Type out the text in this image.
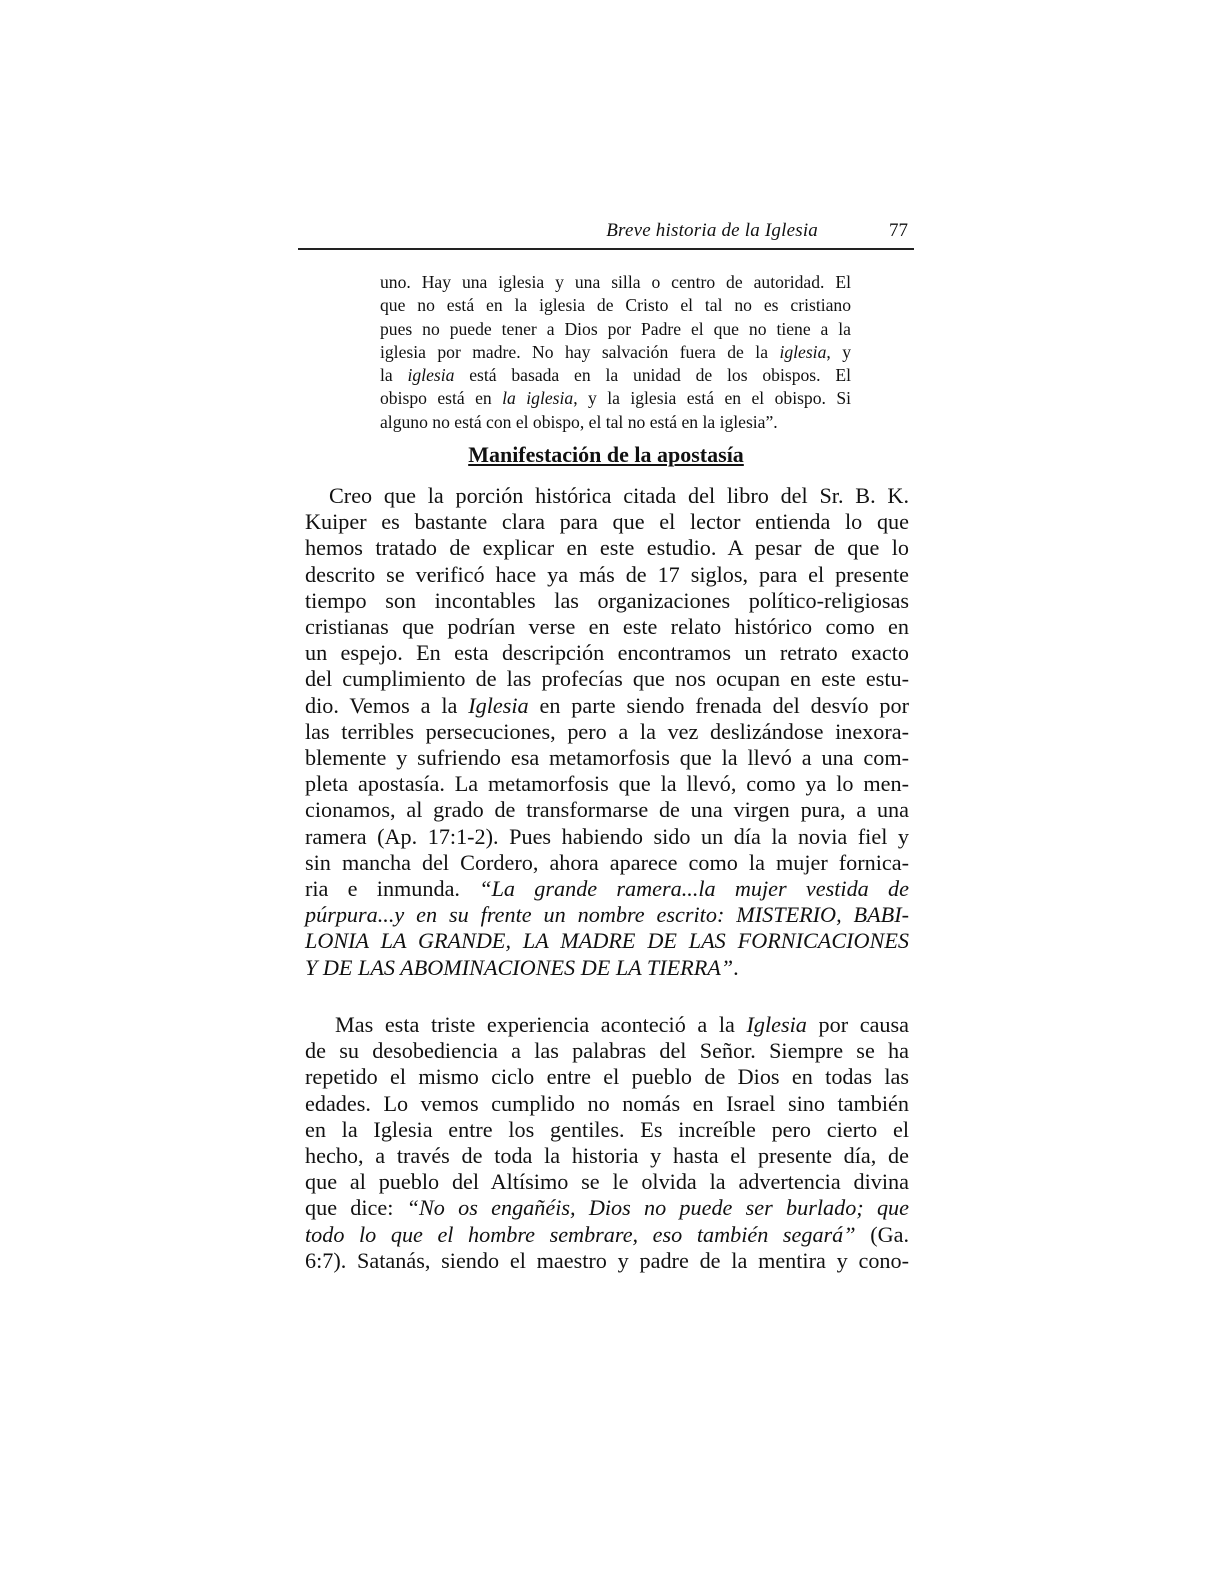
Breve historia de la Iglesia	77
uno. Hay una iglesia y una silla o centro de autoridad. El
que no está en la iglesia de Cristo el tal no es cristiano
pues no puede tener a Dios por Padre el que no tiene a la
iglesia por madre. No hay salvación fuera de la iglesia, y
la iglesia está basada en la unidad de los obispos. El
obispo está en la iglesia, y la iglesia está en el obispo. Si
alguno no está con el obispo, el tal no está en la iglesia”.
Manifestación de la apostasía
Creo que la porción histórica citada del libro del Sr. B. K.
Kuiper es bastante clara para que el lector entienda lo que
hemos tratado de explicar en este estudio. A pesar de que lo
descrito se verificó hace ya más de 17 siglos, para el presente
tiempo son incontables las organizaciones político-religiosas
cristianas que podrían verse en este relato histórico como en
un espejo. En esta descripción encontramos un retrato exacto
del cumplimiento de las profecías que nos ocupan en este estu-
dio. Vemos a la Iglesia en parte siendo frenada del desvío por
las terribles persecuciones, pero a la vez deslizándose inexora-
blemente y sufriendo esa metamorfosis que la llevó a una com-
pleta apostasía. La metamorfosis que la llevó, como ya lo men-
cionamos, al grado de transformarse de una virgen pura, a una
ramera (Ap. 17:1-2). Pues habiendo sido un día la novia fiel y
sin mancha del Cordero, ahora aparece como la mujer fornica-
ria e inmunda. “La grande ramera...la mujer vestida de
púrpura...y en su frente un nombre escrito: MISTERIO, BABI-
LONIA LA GRANDE, LA MADRE DE LAS FORNICACIONES
Y DE LAS ABOMINACIONES DE LA TIERRA”.
Mas esta triste experiencia aconteció a la Iglesia por causa
de su desobediencia a las palabras del Señor. Siempre se ha
repetido el mismo ciclo entre el pueblo de Dios en todas las
edades. Lo vemos cumplido no nomás en Israel sino también
en la Iglesia entre los gentiles. Es increíble pero cierto el
hecho, a través de toda la historia y hasta el presente día, de
que al pueblo del Altísimo se le olvida la advertencia divina
que dice: “No os engañéis, Dios no puede ser burlado; que
todo lo que el hombre sembrare, eso también segará” (Ga.
6:7). Satanás, siendo el maestro y padre de la mentira y cono-
